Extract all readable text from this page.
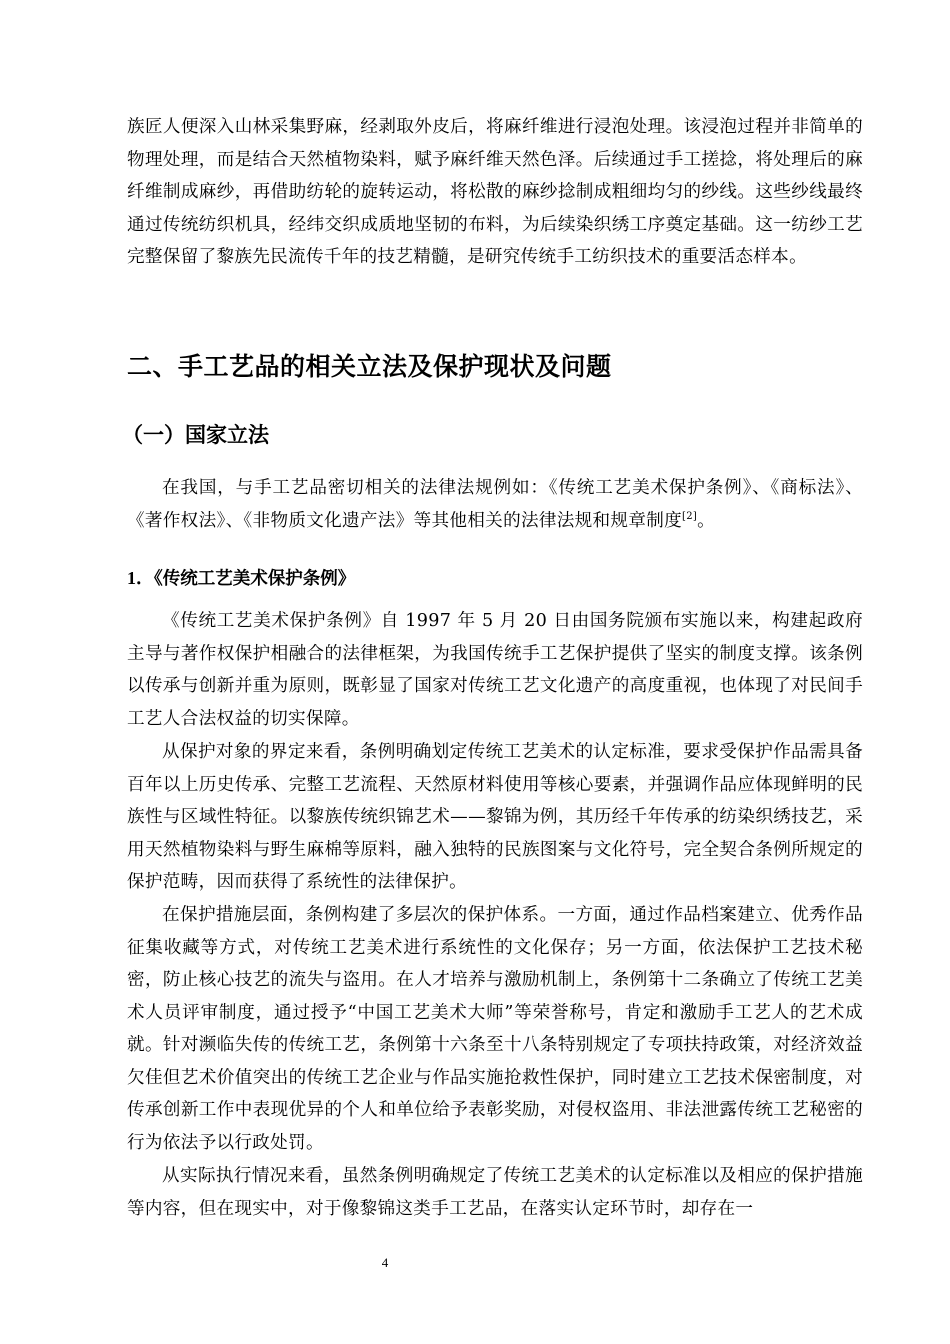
族匠人便深入山林采集野麻，经剥取外皮后，将麻纤维进行浸泡处理。该浸泡过程并非简单的物理处理，而是结合天然植物染料，赋予麻纤维天然色泽。后续通过手工搓捻，将处理后的麻纤维制成麻纱，再借助纺轮的旋转运动，将松散的麻纱捻制成粗细均匀的纱线。这些纱线最终通过传统纺织机具，经纬交织成质地坚韧的布料，为后续染织绣工序奠定基础。这一纺纱工艺完整保留了黎族先民流传千年的技艺精髓，是研究传统手工纺织技术的重要活态样本。

二、手工艺品的相关立法及保护现状及问题
（一）国家立法

在我国，与手工艺品密切相关的法律法规例如：《传统工艺美术保护条例》、《商标法》、《著作权法》、《非物质文化遗产法》等其他相关的法律法规和规章制度[2]。

1．《传统工艺美术保护条例》

《传统工艺美术保护条例》自 1997 年 5 月 20 日由国务院颁布实施以来，构建起政府主导与著作权保护相融合的法律框架，为我国传统手工艺保护提供了坚实的制度支撑。该条例以传承与创新并重为原则，既彰显了国家对传统工艺文化遗产的高度重视，也体现了对民间手工艺人合法权益的切实保障。

从保护对象的界定来看，条例明确划定传统工艺美术的认定标准，要求受保护作品需具备百年以上历史传承、完整工艺流程、天然原材料使用等核心要素，并强调作品应体现鲜明的民族性与区域性特征。以黎族传统织锦艺术——黎锦为例，其历经千年传承的纺染织绣技艺，采用天然植物染料与野生麻棉等原料，融入独特的民族图案与文化符号，完全契合条例所规定的保护范畴，因而获得了系统性的法律保护。

在保护措施层面，条例构建了多层次的保护体系。一方面，通过作品档案建立、优秀作品征集收藏等方式，对传统工艺美术进行系统性的文化保存；另一方面，依法保护工艺技术秘密，防止核心技艺的流失与盗用。在人才培养与激励机制上，条例第十二条确立了传统工艺美术人员评审制度，通过授予“中国工艺美术大师”等荣誉称号，肯定和激励手工艺人的艺术成就。针对濒临失传的传统工艺，条例第十六条至十八条特别规定了专项扶持政策，对经济效益欠佳但艺术价值突出的传统工艺企业与作品实施抢救性保护，同时建立工艺技术保密制度，对传承创新工作中表现优异的个人和单位给予表彰奖励，对侵权盗用、非法泄露传统工艺秘密的行为依法予以行政处罚。

从实际执行情况来看，虽然条例明确规定了传统工艺美术的认定标准以及相应的保护措施等内容，但在现实中，对于像黎锦这类手工艺品，在落实认定环节时，却存在一

4
